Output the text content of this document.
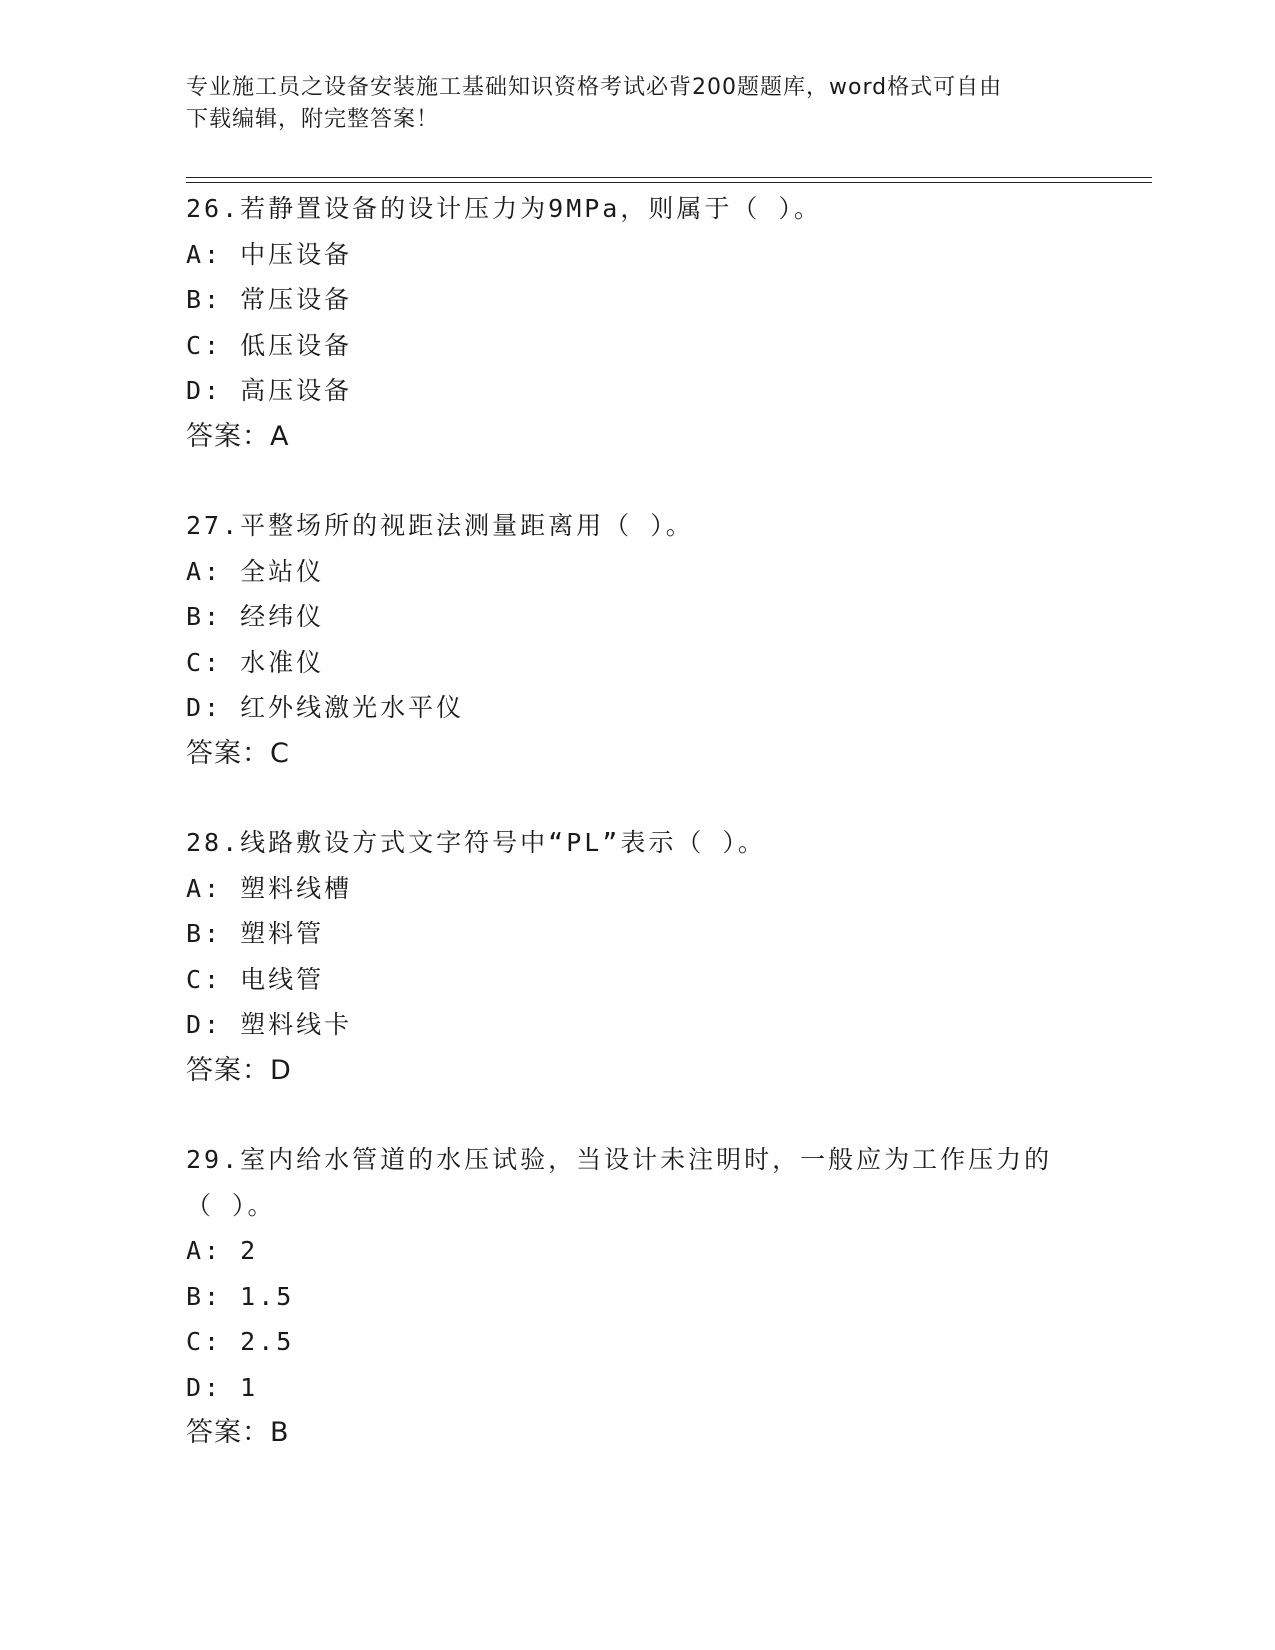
专业施工员之设备安装施工基础知识资格考试必背200题题库，word格式可自由
下载编辑，附完整答案！
26.若静置设备的设计压力为9MPa，则属于（ ）。
A: 中压设备
B: 常压设备
C: 低压设备
D: 高压设备
答案：A
27.平整场所的视距法测量距离用（ ）。
A: 全站仪
B: 经纬仪
C: 水准仪
D: 红外线激光水平仪
答案：C
28.线路敷设方式文字符号中“PL”表示（ ）。
A: 塑料线槽
B: 塑料管
C: 电线管
D: 塑料线卡
答案：D
29.室内给水管道的水压试验，当设计未注明时，一般应为工作压力的
（ ）。
A: 2
B: 1.5
C: 2.5
D: 1
答案：B
